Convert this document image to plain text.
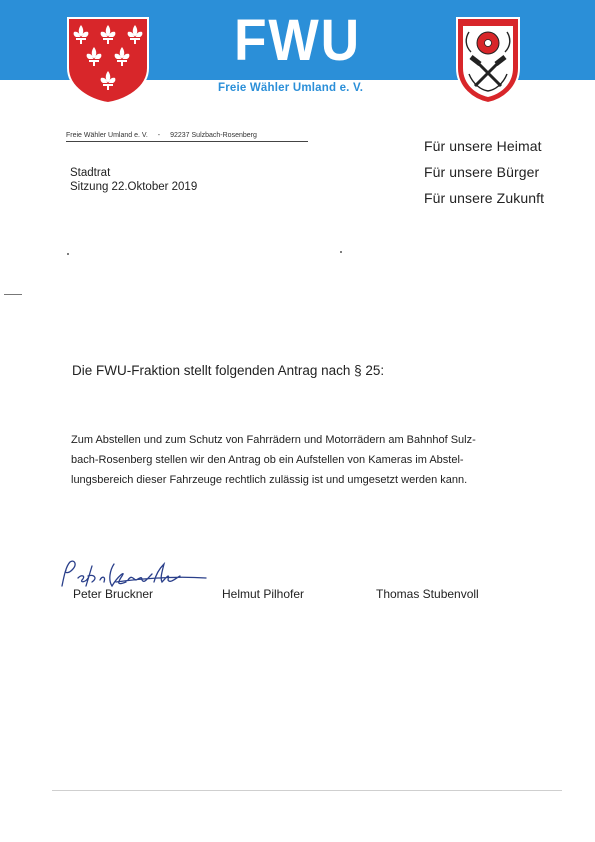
FWU
Freie Wähler Umland e. V.
Freie Wähler Umland e. V. - 92237 Sulzbach-Rosenberg
Für unsere Heimat
Für unsere Bürger
Für unsere Zukunft
Stadtrat
Sitzung 22.Oktober 2019
Die FWU-Fraktion stellt folgenden Antrag nach § 25:
Zum Abstellen und zum Schutz von Fahrrädern und Motorrädern am Bahnhof Sulz-
bach-Rosenberg stellen wir den Antrag ob ein Aufstellen von Kameras im Abstel-
lungsbereich dieser Fahrzeuge rechtlich zulässig ist und umgesetzt werden kann.
Peter Bruckner	Helmut Pilhofer	Thomas Stubenvoll
